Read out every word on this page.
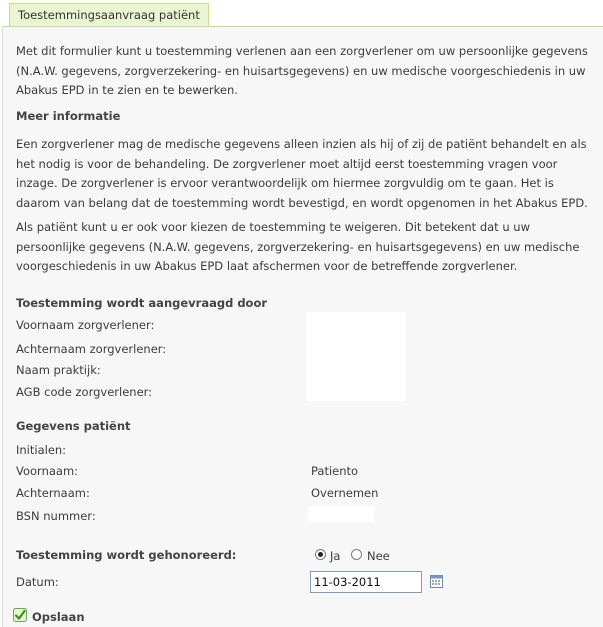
Toestemmingsaanvraag patiënt

Met dit formulier kunt u toestemming verlenen aan een zorgverlener om uw persoonlijke gegevens (N.A.W. gegevens, zorgverzekering- en huisartsgegevens) en uw medische voorgeschiedenis in uw Abakus EPD in te zien en te bewerken.

Meer informatie

Een zorgverlener mag de medische gegevens alleen inzien als hij of zij de patiënt behandelt en als het nodig is voor de behandeling. De zorgverlener moet altijd eerst toestemming vragen voor inzage. De zorgverlener is ervoor verantwoordelijk om hiermee zorgvuldig om te gaan. Het is daarom van belang dat de toestemming wordt bevestigd, en wordt opgenomen in het Abakus EPD.

Als patiënt kunt u er ook voor kiezen de toestemming te weigeren. Dit betekent dat u uw persoonlijke gegevens (N.A.W. gegevens, zorgverzekering- en huisartsgegevens) en uw medische voorgeschiedenis in uw Abakus EPD laat afschermen voor de betreffende zorgverlener.

Toestemming wordt aangevraagd door
Voornaam zorgverlener:
Achternaam zorgverlener:
Naam praktijk:
AGB code zorgverlener:
Gegevens patiënt
Initialen:
Voornaam:	Patiento
Achternaam:	Overnemen
BSN nummer:
Toestemming wordt gehonoreerd:	Ja Nee
Datum:	11-03-2011
Opslaan
